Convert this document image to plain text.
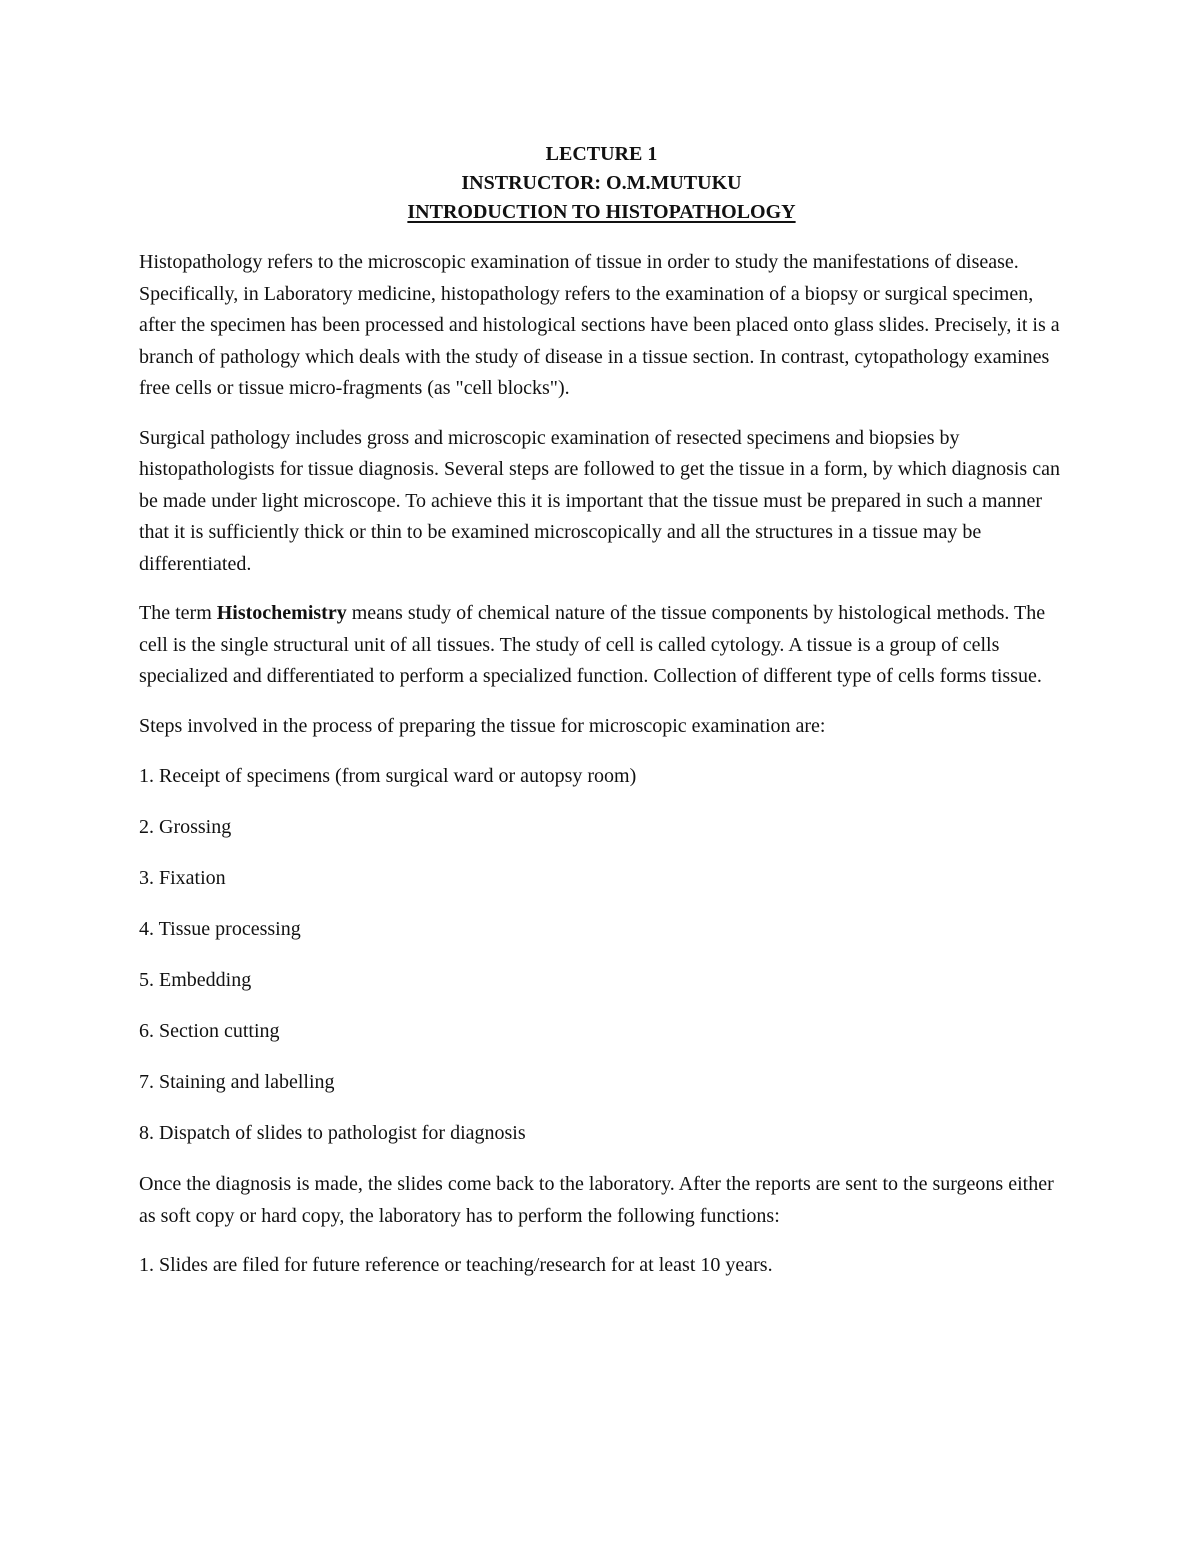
LECTURE 1
INSTRUCTOR: O.M.MUTUKU
INTRODUCTION TO HISTOPATHOLOGY

Histopathology refers to the microscopic examination of tissue in order to study the manifestations of disease. Specifically, in Laboratory medicine, histopathology refers to the examination of a biopsy or surgical specimen, after the specimen has been processed and histological sections have been placed onto glass slides. Precisely, it is a branch of pathology which deals with the study of disease in a tissue section. In contrast, cytopathology examines free cells or tissue micro-fragments (as "cell blocks").

Surgical pathology includes gross and microscopic examination of resected specimens and biopsies by histopathologists for tissue diagnosis. Several steps are followed to get the tissue in a form, by which diagnosis can be made under light microscope. To achieve this it is important that the tissue must be prepared in such a manner that it is sufficiently thick or thin to be examined microscopically and all the structures in a tissue may be differentiated.

The term Histochemistry means study of chemical nature of the tissue components by histological methods. The cell is the single structural unit of all tissues. The study of cell is called cytology. A tissue is a group of cells specialized and differentiated to perform a specialized function. Collection of different type of cells forms tissue.

Steps involved in the process of preparing the tissue for microscopic examination are:

1. Receipt of specimens (from surgical ward or autopsy room)

2. Grossing

3. Fixation

4. Tissue processing

5. Embedding

6. Section cutting

7. Staining and labelling

8. Dispatch of slides to pathologist for diagnosis

Once the diagnosis is made, the slides come back to the laboratory. After the reports are sent to the surgeons either as soft copy or hard copy, the laboratory has to perform the following functions:

1. Slides are filed for future reference or teaching/research for at least 10 years.
